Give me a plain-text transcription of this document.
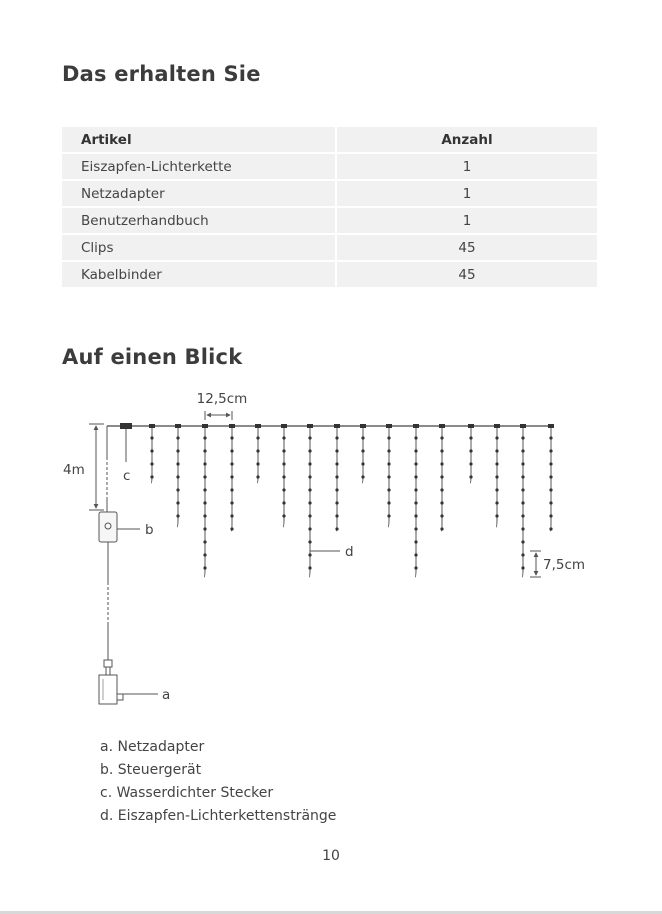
Das erhalten Sie
Artikel	Anzahl
Eiszapfen-Lichterkette	1
Netzadapter	1
Benutzerhandbuch	1
Clips	45
Kabelbinder	45
Auf einen Blick
12,5cm
4m	c
b
a
d
7,5cm
a. Netzadapter
b. Steuergerät
c. Wasserdichter Stecker
d. Eiszapfen-Lichterkettenstränge
10
